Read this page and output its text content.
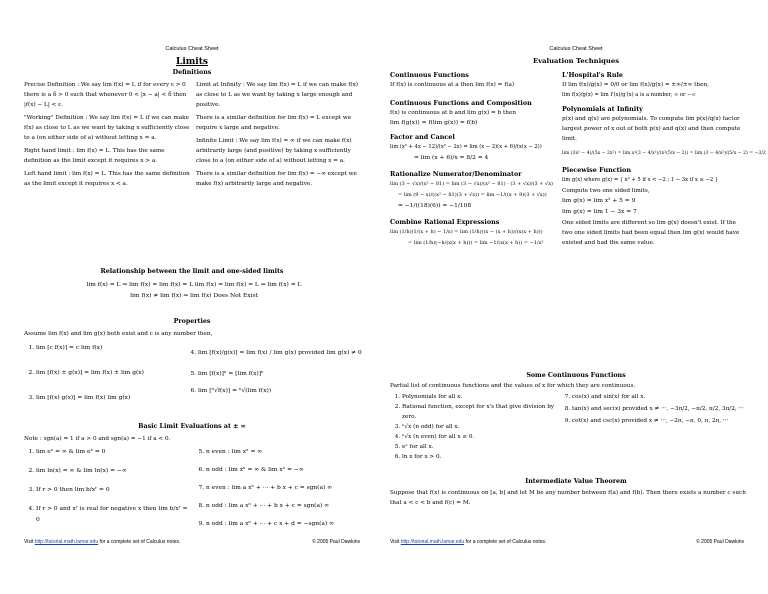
Calculus Cheat Sheet
Limits
Definitions

Precise Definition : We say lim f(x) = L if for every ε > 0 there is a δ > 0 such that whenever 0 < |x − a| < δ then |f(x) − L| < ε.

"Working" Definition : We say lim f(x) = L if we can make f(x) as close to L as we want by taking x sufficiently close to a (on either side of a) without letting x = a.

Right hand limit : lim f(x) = L. This has the same definition as the limit except it requires x > a.

Left hand limit : lim f(x) = L. This has the same definition as the limit except it requires x < a.

Limit at Infinity : We say lim f(x) = L if we can make f(x) as close to L as we want by taking x large enough and positive.

There is a similar definition for lim f(x) = L except we require x large and negative.

Infinite Limit : We say lim f(x) = ∞ if we can make f(x) arbitrarily large (and positive) by taking x sufficiently close to a (on either side of a) without letting x = a.

There is a similar definition for lim f(x) = −∞ except we make f(x) arbitrarily large and negative.

Relationship between the limit and one-sided limits
lim f(x) = L ⇒ lim f(x) = lim f(x) = L lim f(x) = lim f(x) = L ⇒ lim f(x) = L
lim f(x) ≠ lim f(x) ⇒ lim f(x) Does Not Exist
Properties
Assume lim f(x) and lim g(x) both exist and c is any number then,
1. lim [c f(x)] = c lim f(x)
2. lim [f(x) ± g(x)] = lim f(x) ± lim g(x)
3. lim [f(x) g(x)] = lim f(x) lim g(x)
4. lim [f(x)/g(x)] = lim f(x) / lim g(x) provided lim g(x) ≠ 0
5. lim [f(x)]ⁿ = [lim f(x)]ⁿ
6. lim [ⁿ√f(x)] = ⁿ√(lim f(x))
Basic Limit Evaluations at ± ∞
Note : sgn(a) = 1 if a > 0 and sgn(a) = −1 if a < 0.
1. lim eˣ = ∞ & lim eˣ = 0
2. lim ln(x) = ∞ & lim ln(x) = −∞
3. If r > 0 then lim b/xʳ = 0
4. If r > 0 and xʳ is real for negative x then lim b/xʳ = 0
5. n even : lim xⁿ = ∞
6. n odd : lim xⁿ = ∞ & lim xⁿ = −∞
7. n even : lim a xⁿ + ··· + b x + c = sgn(a) ∞
8. n odd : lim a xⁿ + ··· + b x + c = sgn(a) ∞
9. n odd : lim a xⁿ + ··· + c x + d = −sgn(a) ∞
Visit http://tutorial.math.lamar.edu for a complete set of Calculus notes.	© 2005 Paul Dawkins
Calculus Cheat Sheet
Evaluation Techniques
Continuous Functions
If f(x) is continuous at a then lim f(x) = f(a)
Continuous Functions and Composition
f(x) is continuous at b and lim g(x) = b then
lim f(g(x)) = f(lim g(x)) = f(b)
Factor and Cancel
lim (x² + 4x − 12)/(x² − 2x) = lim (x − 2)(x + 6)/(x(x − 2))
= lim (x + 6)/x = 8/2 = 4
Rationalize Numerator/Denominator
lim (3 − √x)/(x² − 81) = lim (3 − √x)/(x² − 81) · (3 + √x)/(3 + √x)
= lim (9 − x)/((x² − 81)(3 + √x)) = lim −1/((x + 9)(3 + √x))
= −1/((18)(6)) = −1/108
Combine Rational Expressions
lim (1/h)(1/(x + h) − 1/x) = lim (1/h)((x − (x + h))/(x(x + h)))
= lim (1/h)(−h/(x(x + h))) = lim −1/(x(x + h)) = −1/x²
L'Hospital's Rule
If lim f(x)/g(x) = 0/0 or lim f(x)/g(x) = ±∞/±∞ then,
lim f(x)/g(x) = lim f′(x)/g′(x) a is a number, ∞ or −∞
Polynomials at Infinity
p(x) and q(x) are polynomials. To compute lim p(x)/q(x) factor largest power of x out of both p(x) and q(x) and then compute limit.
lim (3x² − 4)/(5x − 2x²) = lim x²(3 − 4/x²)/(x²(5/x − 2)) = lim (3 − 4/x²)/(5/x − 2) = −3/2
Piecewise Function
lim g(x) where g(x) = { x² + 5 if x < −2 ; 1 − 3x if x ≥ −2 }
Compute two one sided limits,
lim g(x) = lim x² + 5 = 9
lim g(x) = lim 1 − 3x = 7
One sided limits are different so lim g(x) doesn't exist. If the two one sided limits had been equal then lim g(x) would have existed and had the same value.
Some Continuous Functions
Partial list of continuous functions and the values of x for which they are continuous.
1. Polynomials for all x.
2. Rational function, except for x's that give division by zero.
3. ⁿ√x (n odd) for all x.
4. ⁿ√x (n even) for all x ≥ 0.
5. eˣ for all x.
6. ln x for x > 0.
7. cos(x) and sin(x) for all x.
8. tan(x) and sec(x) provided x ≠ ···, −3π/2, −π/2, π/2, 3π/2, ···
9. cot(x) and csc(x) provided x ≠ ···, −2π, −π, 0, π, 2π, ···
Intermediate Value Theorem
Suppose that f(x) is continuous on [a, b] and let M be any number between f(a) and f(b). Then there exists a number c such that a < c < b and f(c) = M.
Visit http://tutorial.math.lamar.edu for a complete set of Calculus notes.	© 2005 Paul Dawkins
